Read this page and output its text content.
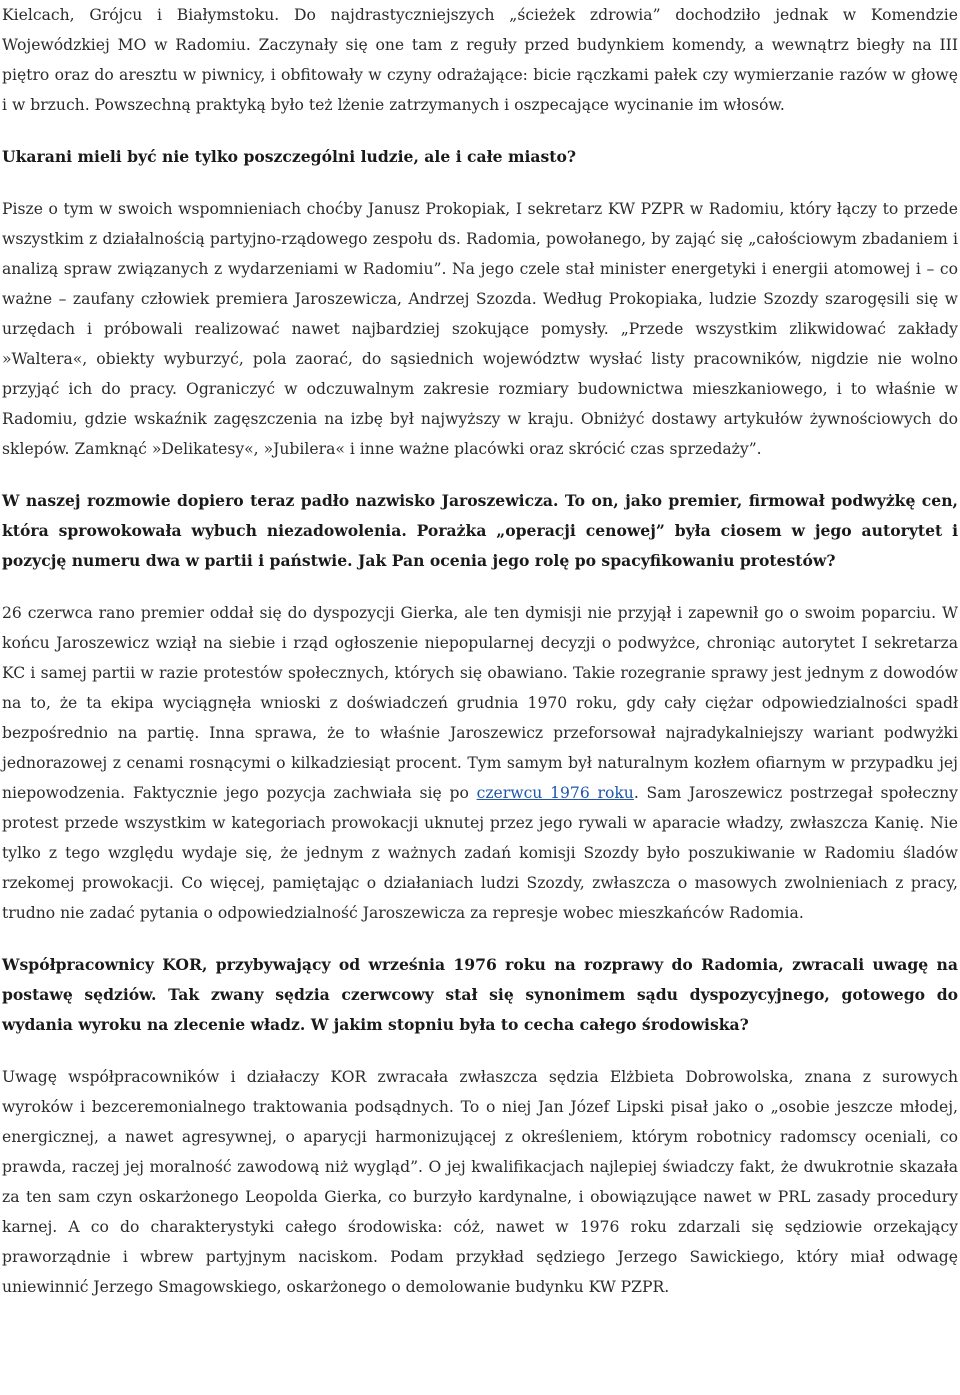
Kielcach, Grójcu i Białymstoku. Do najdrastyczniejszych „ścieżek zdrowia” dochodziło jednak w Komendzie Wojewódzkiej MO w Radomiu. Zaczynały się one tam z reguły przed budynkiem komendy, a wewnątrz biegły na III piętro oraz do aresztu w piwnicy, i obfitowały w czyny odrażające: bicie rączkami pałek czy wymierzanie razów w głowę i w brzuch. Powszechną praktyką było też lżenie zatrzymanych i oszpecające wycinanie im włosów.

Ukarani mieli być nie tylko poszczególni ludzie, ale i całe miasto?

Pisze o tym w swoich wspomnieniach choćby Janusz Prokopiak, I sekretarz KW PZPR w Radomiu, który łączy to przede wszystkim z działalnością partyjno-rządowego zespołu ds. Radomia, powołanego, by zająć się „całościowym zbadaniem i analizą spraw związanych z wydarzeniami w Radomiu”. Na jego czele stał minister energetyki i energii atomowej i – co ważne – zaufany człowiek premiera Jaroszewicza, Andrzej Szozda. Według Prokopiaka, ludzie Szozdy szarogęsili się w urzędach i próbowali realizować nawet najbardziej szokujące pomysły. „Przede wszystkim zlikwidować zakłady »Waltera«, obiekty wyburzyć, pola zaorać, do sąsiednich województw wysłać listy pracowników, nigdzie nie wolno przyjąć ich do pracy. Ograniczyć w odczuwalnym zakresie rozmiary budownictwa mieszkaniowego, i to właśnie w Radomiu, gdzie wskaźnik zagęszczenia na izbę był najwyższy w kraju. Obniżyć dostawy artykułów żywnościowych do sklepów. Zamknąć »Delikatesy«, »Jubilera« i inne ważne placówki oraz skrócić czas sprzedaży”.

W naszej rozmowie dopiero teraz padło nazwisko Jaroszewicza. To on, jako premier, firmował podwyżkę cen, która sprowokowała wybuch niezadowolenia. Porażka „operacji cenowej” była ciosem w jego autorytet i pozycję numeru dwa w partii i państwie. Jak Pan ocenia jego rolę po spacyfikowaniu protestów?

26 czerwca rano premier oddał się do dyspozycji Gierka, ale ten dymisji nie przyjął i zapewnił go o swoim poparciu. W końcu Jaroszewicz wziął na siebie i rząd ogłoszenie niepopularnej decyzji o podwyżce, chroniąc autorytet I sekretarza KC i samej partii w razie protestów społecznych, których się obawiano. Takie rozegranie sprawy jest jednym z dowodów na to, że ta ekipa wyciągnęła wnioski z doświadczeń grudnia 1970 roku, gdy cały ciężar odpowiedzialności spadł bezpośrednio na partię. Inna sprawa, że to właśnie Jaroszewicz przeforsował najradykalniejszy wariant podwyżki jednorazowej z cenami rosnącymi o kilkadziesiąt procent. Tym samym był naturalnym kozłem ofiarnym w przypadku jej niepowodzenia. Faktycznie jego pozycja zachwiała się po czerwcu 1976 roku. Sam Jaroszewicz postrzegał społeczny protest przede wszystkim w kategoriach prowokacji uknutej przez jego rywali w aparacie władzy, zwłaszcza Kanię. Nie tylko z tego względu wydaje się, że jednym z ważnych zadań komisji Szozdy było poszukiwanie w Radomiu śladów rzekomej prowokacji. Co więcej, pamiętając o działaniach ludzi Szozdy, zwłaszcza o masowych zwolnieniach z pracy, trudno nie zadać pytania o odpowiedzialność Jaroszewicza za represje wobec mieszkańców Radomia.

Współpracownicy KOR, przybywający od września 1976 roku na rozprawy do Radomia, zwracali uwagę na postawę sędziów. Tak zwany sędzia czerwcowy stał się synonimem sądu dyspozycyjnego, gotowego do wydania wyroku na zlecenie władz. W jakim stopniu była to cecha całego środowiska?

Uwagę współpracowników i działaczy KOR zwracała zwłaszcza sędzia Elżbieta Dobrowolska, znana z surowych wyroków i bezceremonialnego traktowania podsądnych. To o niej Jan Józef Lipski pisał jako o „osobie jeszcze młodej, energicznej, a nawet agresywnej, o aparycji harmonizującej z określeniem, którym robotnicy radomscy oceniali, co prawda, raczej jej moralność zawodową niż wygląd”. O jej kwalifikacjach najlepiej świadczy fakt, że dwukrotnie skazała za ten sam czyn oskarżonego Leopolda Gierka, co burzyło kardynalne, i obowiązujące nawet w PRL zasady procedury karnej. A co do charakterystyki całego środowiska: cóż, nawet w 1976 roku zdarzali się sędziowie orzekający praworządnie i wbrew partyjnym naciskom. Podam przykład sędziego Jerzego Sawickiego, który miał odwagę uniewinnić Jerzego Smagowskiego, oskarżonego o demolowanie budynku KW PZPR.
